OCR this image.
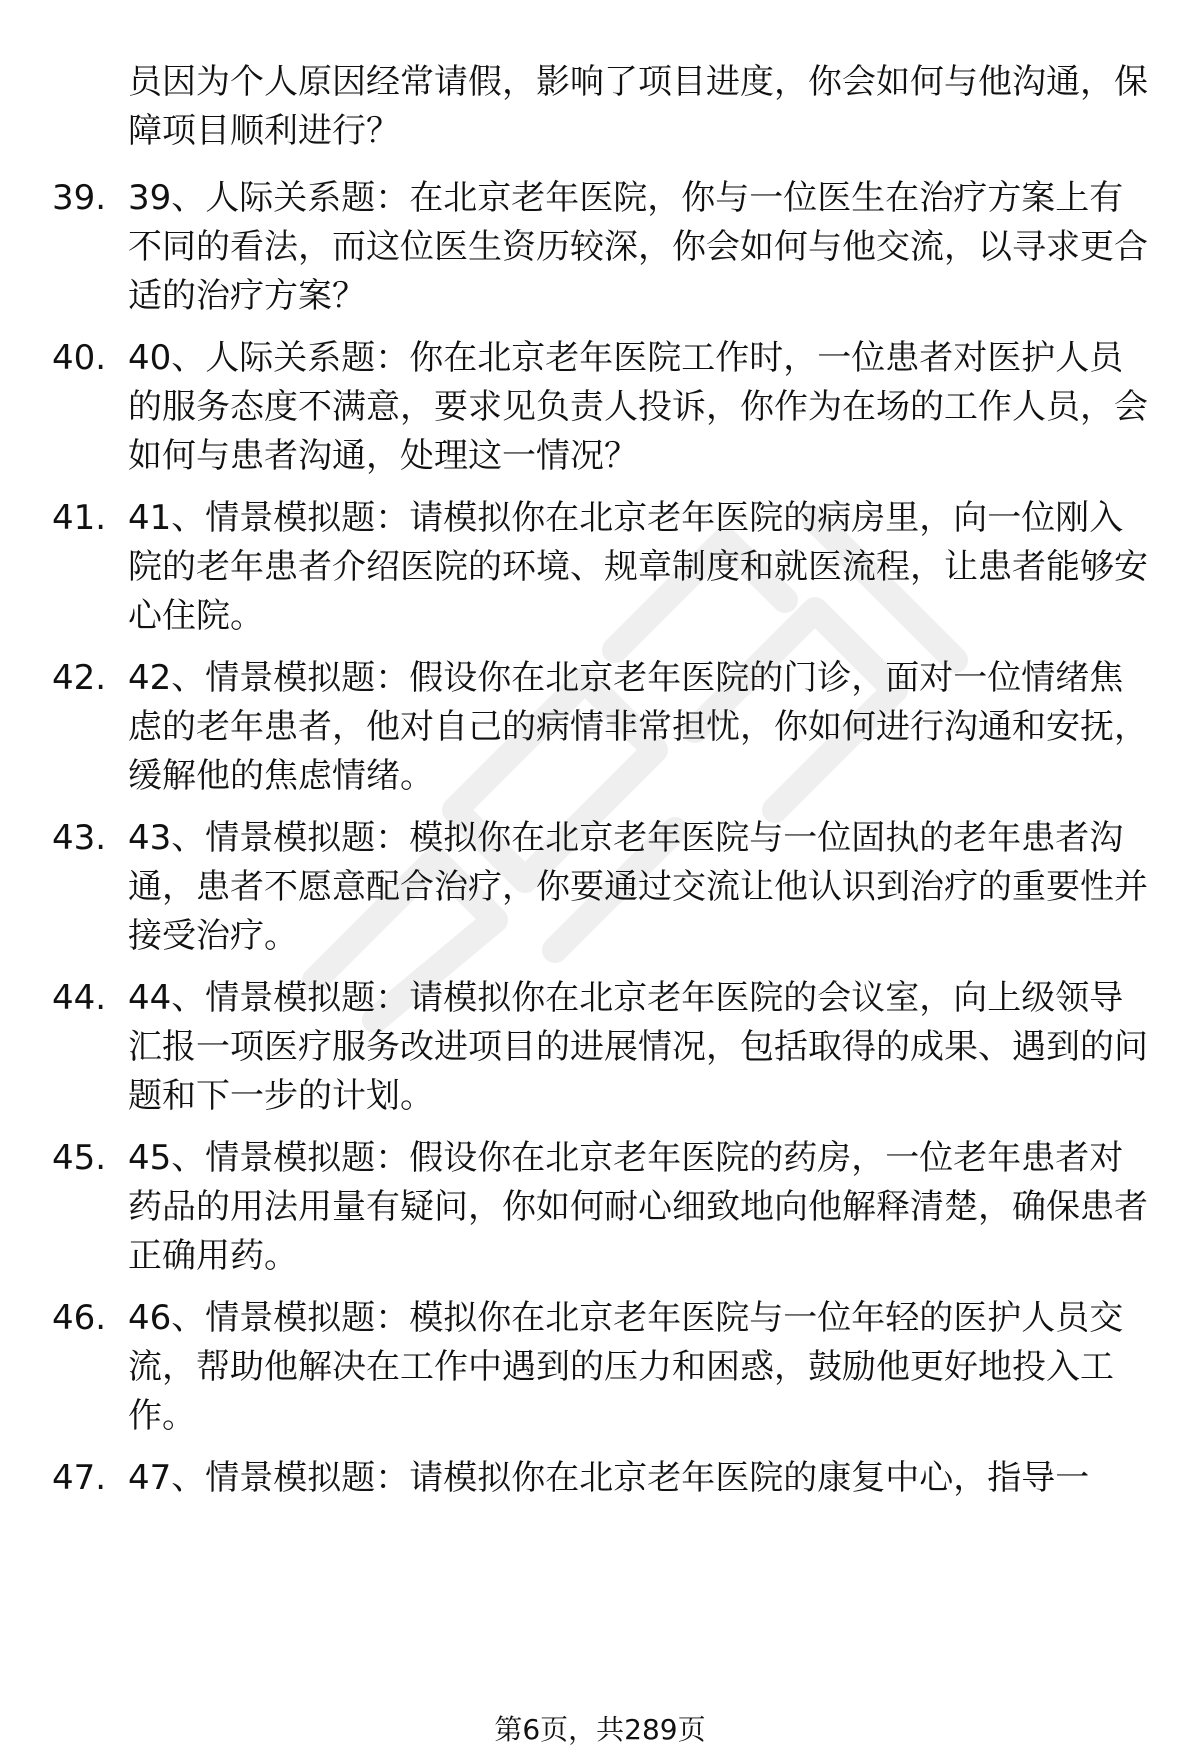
员因为个人原因经常请假，影响了项目进度，你会如何与他沟通，保障项目顺利进行？

39. 39、人际关系题：在北京老年医院，你与一位医生在治疗方案上有不同的看法，而这位医生资历较深，你会如何与他交流，以寻求更合适的治疗方案？

40. 40、人际关系题：你在北京老年医院工作时，一位患者对医护人员的服务态度不满意，要求见负责人投诉，你作为在场的工作人员，会如何与患者沟通，处理这一情况？

41. 41、情景模拟题：请模拟你在北京老年医院的病房里，向一位刚入院的老年患者介绍医院的环境、规章制度和就医流程，让患者能够安心住院。

42. 42、情景模拟题：假设你在北京老年医院的门诊，面对一位情绪焦虑的老年患者，他对自己的病情非常担忧，你如何进行沟通和安抚，缓解他的焦虑情绪。

43. 43、情景模拟题：模拟你在北京老年医院与一位固执的老年患者沟通，患者不愿意配合治疗，你要通过交流让他认识到治疗的重要性并接受治疗。

44. 44、情景模拟题：请模拟你在北京老年医院的会议室，向上级领导汇报一项医疗服务改进项目的进展情况，包括取得的成果、遇到的问题和下一步的计划。

45. 45、情景模拟题：假设你在北京老年医院的药房，一位老年患者对药品的用法用量有疑问，你如何耐心细致地向他解释清楚，确保患者正确用药。

46. 46、情景模拟题：模拟你在北京老年医院与一位年轻的医护人员交流，帮助他解决在工作中遇到的压力和困惑，鼓励他更好地投入工作。

47. 47、情景模拟题：请模拟你在北京老年医院的康复中心，指导一

第6页，共289页
